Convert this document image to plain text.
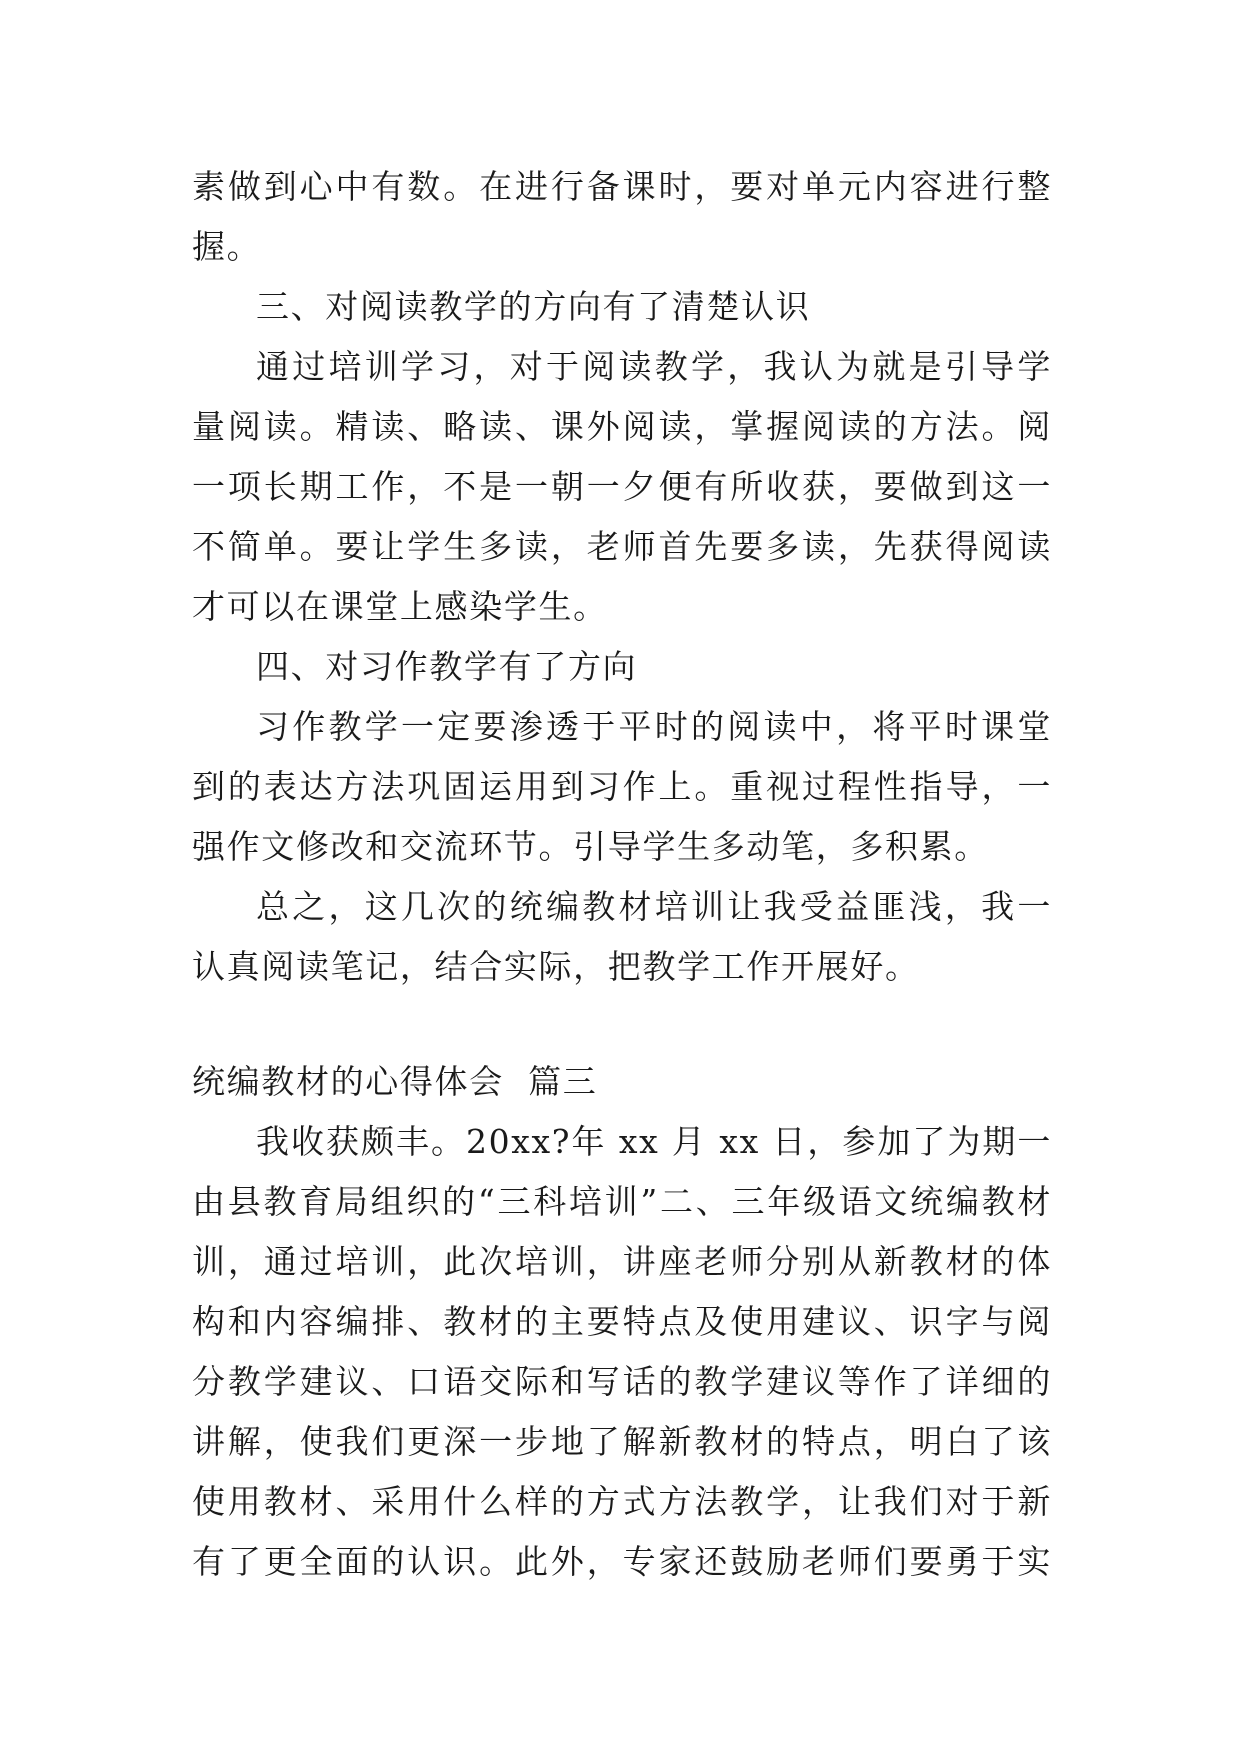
素做到心中有数。在进行备课时，要对单元内容进行整
握。
三、对阅读教学的方向有了清楚认识
通过培训学习，对于阅读教学，我认为就是引导学
量阅读。精读、略读、课外阅读，掌握阅读的方法。阅
一项长期工作，不是一朝一夕便有所收获，要做到这一
不简单。要让学生多读，老师首先要多读，先获得阅读
才可以在课堂上感染学生。
四、对习作教学有了方向
习作教学一定要渗透于平时的阅读中，将平时课堂
到的表达方法巩固运用到习作上。重视过程性指导，一
强作文修改和交流环节。引导学生多动笔，多积累。
总之，这几次的统编教材培训让我受益匪浅，我一
认真阅读笔记，结合实际，把教学工作开展好。
统编教材的心得体会  篇三
我收获颇丰。20xx?年 xx 月 xx 日，参加了为期一
由县教育局组织的“三科培训”二、三年级语文统编教材
训，通过培训，此次培训，讲座老师分别从新教材的体
构和内容编排、教材的主要特点及使用建议、识字与阅
分教学建议、口语交际和写话的教学建议等作了详细的
讲解，使我们更深一步地了解新教材的特点，明白了该
使用教材、采用什么样的方式方法教学，让我们对于新
有了更全面的认识。此外，专家还鼓励老师们要勇于实
